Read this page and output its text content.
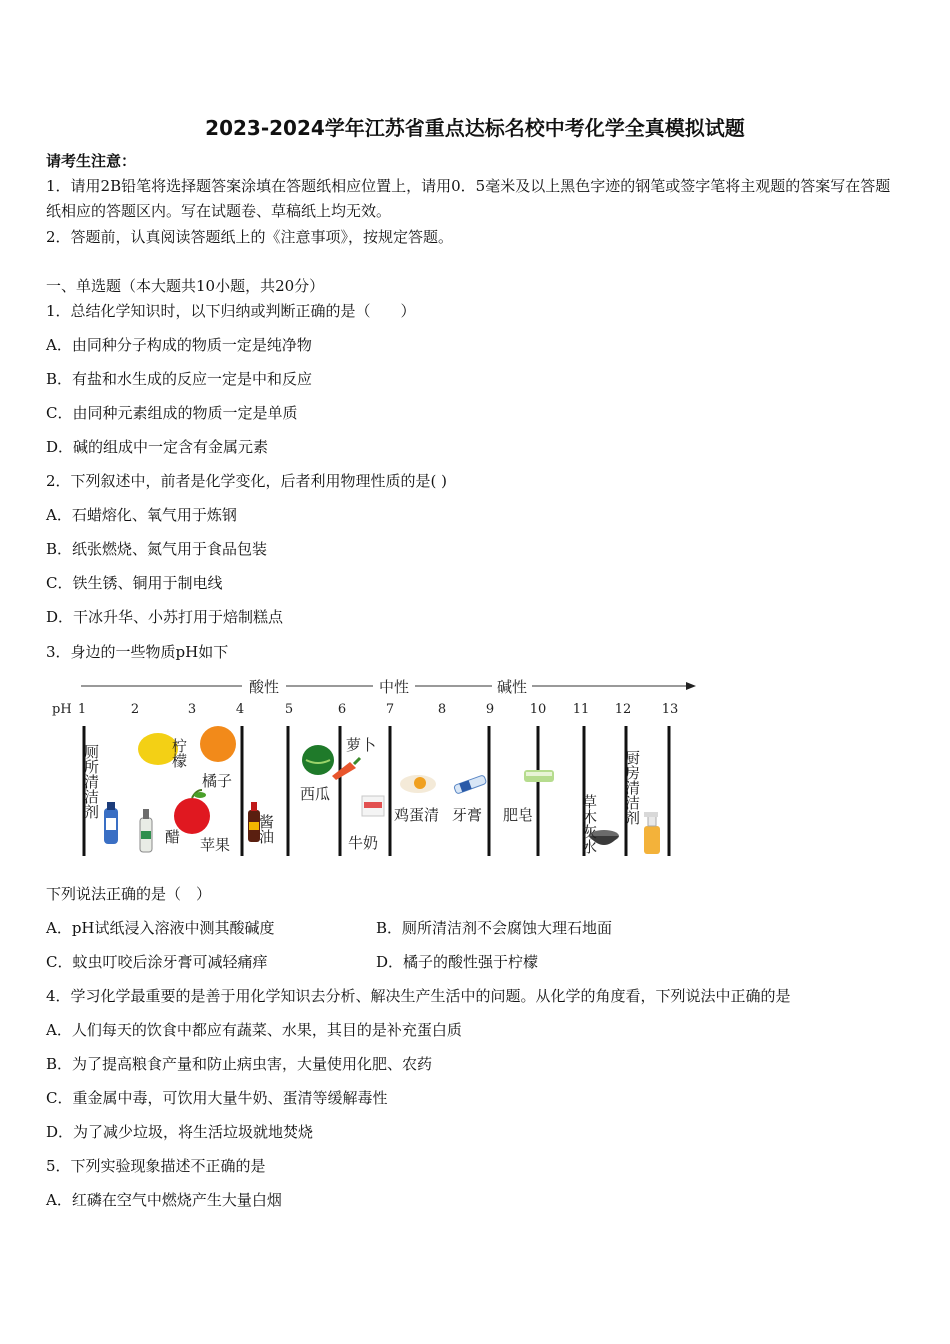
2023-2024学年江苏省重点达标名校中考化学全真模拟试题
请考生注意：
1．请用2B铅笔将选择题答案涂填在答题纸相应位置上，请用0．5毫米及以上黑色字迹的钢笔或签字笔将主观题的答案写在答题纸相应的答题区内。写在试题卷、草稿纸上均无效。
2．答题前，认真阅读答题纸上的《注意事项》，按规定答题。
一、单选题（本大题共10小题，共20分）
1．总结化学知识时，以下归纳或判断正确的是（　　）
A．由同种分子构成的物质一定是纯净物
B．有盐和水生成的反应一定是中和反应
C．由同种元素组成的物质一定是单质
D．碱的组成中一定含有金属元素
2．下列叙述中，前者是化学变化，后者利用物理性质的是( )
A．石蜡熔化、氧气用于炼钢
B．纸张燃烧、氮气用于食品包装
C．铁生锈、铜用于制电线
D．干冰升华、小苏打用于焙制糕点
3．身边的一些物质pH如下
酸性	中性	碱性
pH 1	2	3	4	5	6	7	8	9	10 11 12 13
厕所清洁剂	柠檬
橘子
醋 苹果
酱油
西瓜
萝卜
牛奶
鸡蛋清 牙膏 肥皂	草木灰水 厨房清洁剂
下列说法正确的是（　）
A．pH试纸浸入溶液中测其酸碱度	B．厕所清洁剂不会腐蚀大理石地面
C．蚊虫叮咬后涂牙膏可减轻痛痒	D．橘子的酸性强于柠檬
4．学习化学最重要的是善于用化学知识去分析、解决生产生活中的问题。从化学的角度看，下列说法中正确的是
A．人们每天的饮食中都应有蔬菜、水果，其目的是补充蛋白质
B．为了提高粮食产量和防止病虫害，大量使用化肥、农药
C．重金属中毒，可饮用大量牛奶、蛋清等缓解毒性
D．为了减少垃圾，将生活垃圾就地焚烧
5．下列实验现象描述不正确的是
A．红磷在空气中燃烧产生大量白烟
